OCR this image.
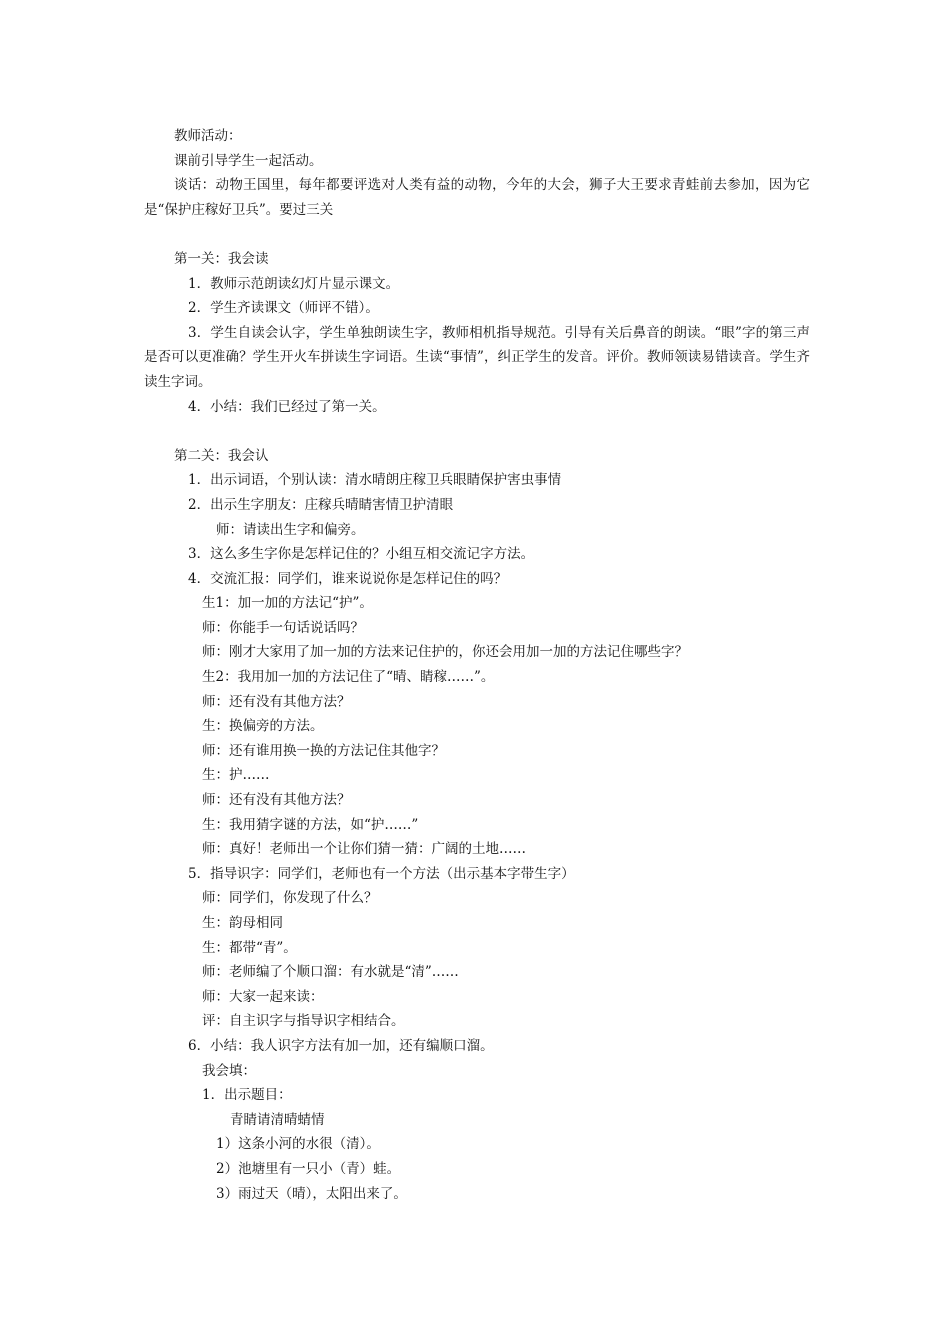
教师活动：
课前引导学生一起活动。
谈话：动物王国里，每年都要评选对人类有益的动物，今年的大会，狮子大王要求青蛙前去参加，因为它是“保护庄稼好卫兵”。要过三关
第一关：我会读
1．教师示范朗读幻灯片显示课文。
2．学生齐读课文（师评不错）。
3．学生自读会认字，学生单独朗读生字，教师相机指导规范。引导有关后鼻音的朗读。“眼”字的第三声是否可以更准确？学生开火车拼读生字词语。生读“事情”，纠正学生的发音。评价。教师领读易错读音。学生齐读生字词。
4．小结：我们已经过了第一关。
第二关：我会认
1．出示词语，个别认读：清水晴朗庄稼卫兵眼睛保护害虫事情
2．出示生字朋友：庄稼兵晴睛害情卫护清眼
师：请读出生字和偏旁。
3．这么多生字你是怎样记住的？小组互相交流记字方法。
4．交流汇报：同学们，谁来说说你是怎样记住的吗？
生1：加一加的方法记“护”。
师：你能手一句话说话吗？
师：刚才大家用了加一加的方法来记住护的，你还会用加一加的方法记住哪些字？
生2：我用加一加的方法记住了“晴、睛稼……”。
师：还有没有其他方法？
生：换偏旁的方法。
师：还有谁用换一换的方法记住其他字？
生：护……
师：还有没有其他方法？
生：我用猜字谜的方法，如“护……”
师：真好！老师出一个让你们猜一猜：广阔的土地……
5．指导识字：同学们，老师也有一个方法（出示基本字带生字）
师：同学们，你发现了什么？
生：韵母相同
生：都带“青”。
师：老师编了个顺口溜：有水就是“清”……
师：大家一起来读：
评：自主识字与指导识字相结合。
6．小结：我人识字方法有加一加，还有编顺口溜。
我会填：
1．出示题目：
青睛请清晴蜻情
1）这条小河的水很（清）。
2）池塘里有一只小（青）蛙。
3）雨过天（晴），太阳出来了。
